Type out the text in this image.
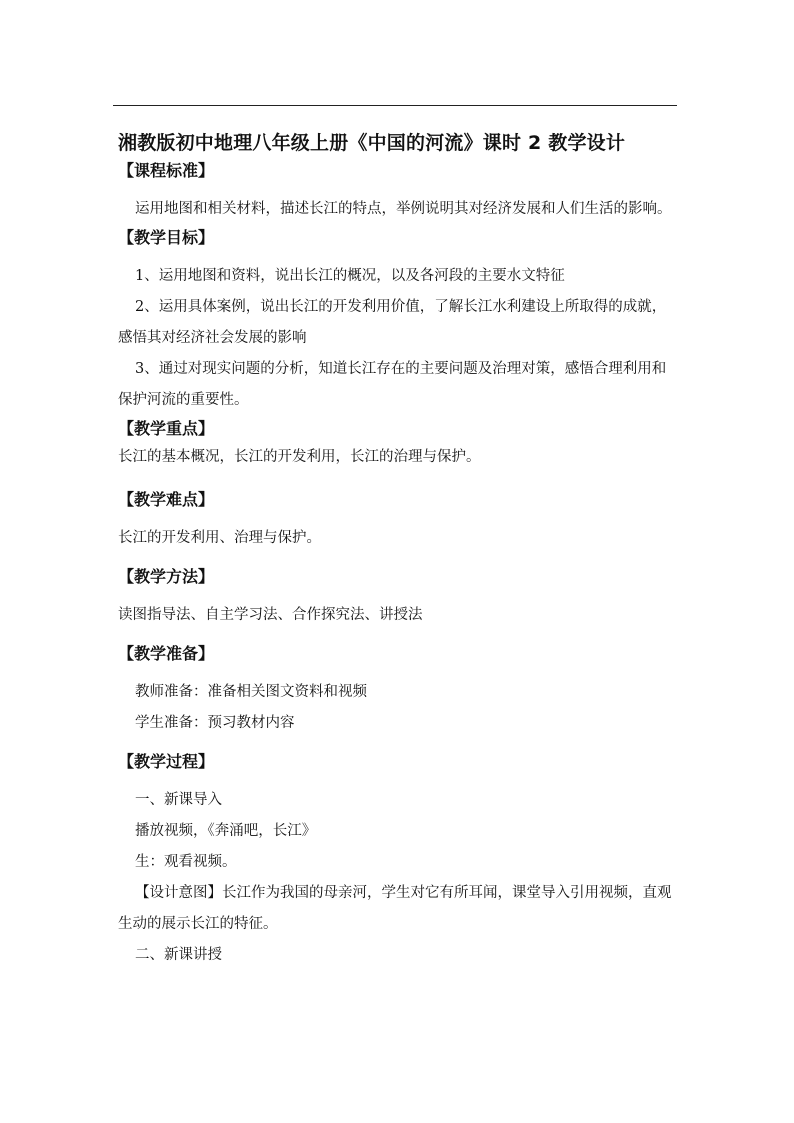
湘教版初中地理八年级上册《中国的河流》课时 2 教学设计
【课程标准】

运用地图和相关材料，描述长江的特点，举例说明其对经济发展和人们生活的影响。

【教学目标】

1、运用地图和资料，说出长江的概况，以及各河段的主要水文特征

2、运用具体案例，说出长江的开发利用价值，了解长江水利建设上所取得的成就，感悟其对经济社会发展的影响

3、通过对现实问题的分析，知道长江存在的主要问题及治理对策，感悟合理利用和保护河流的重要性。

【教学重点】

长江的基本概况，长江的开发利用，长江的治理与保护。

【教学难点】

长江的开发利用、治理与保护。

【教学方法】

读图指导法、自主学习法、合作探究法、讲授法

【教学准备】

教师准备：准备相关图文资料和视频

学生准备：预习教材内容

【教学过程】

一、新课导入

播放视频，《奔涌吧，长江》

生：观看视频。

【设计意图】长江作为我国的母亲河，学生对它有所耳闻，课堂导入引用视频，直观生动的展示长江的特征。

二、新课讲授
